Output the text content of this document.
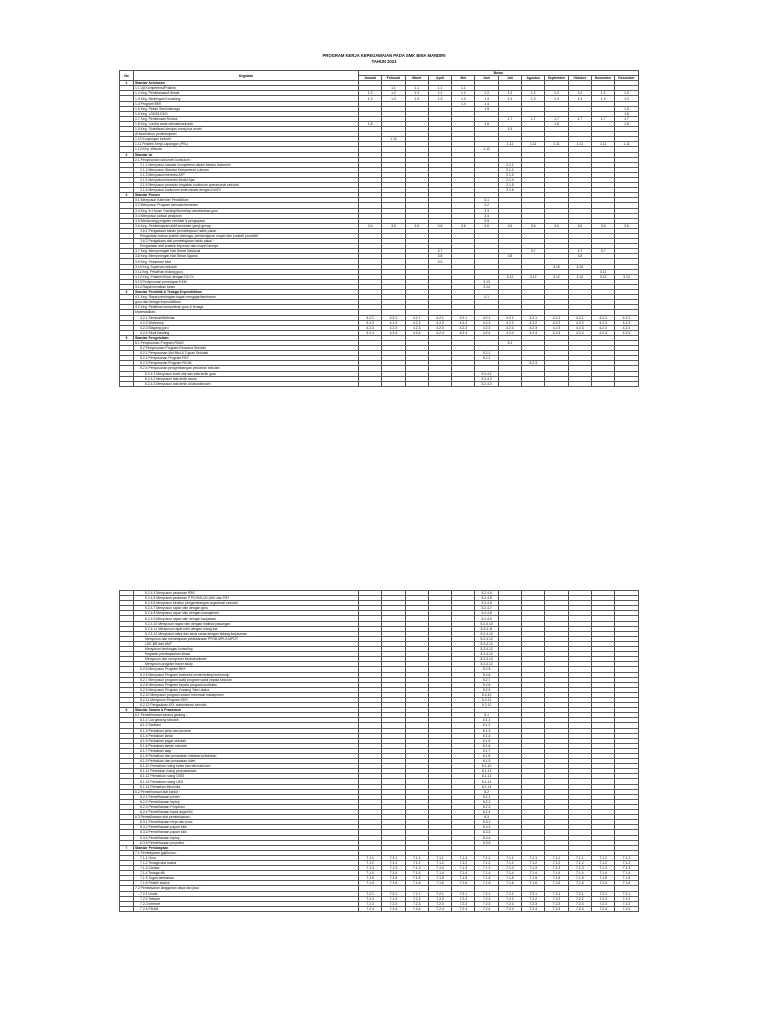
PROGRAM KERJA KEPEGAWAIAN PADA SMK BINA MANDIRI
TAHUN 2023
No	Kegiatan	Bulan											
		Januari	Februari	Maret	April	Mei	Juni	Juli	Agustus	September	Oktober	November	Desember
1	Standar Kelulusan												
	1.1 Uji Kompetensi/Praktek		1.1	1.1	1.1	1.1							
	1.2 Keg. Pembiasaan/Literasi	1.2	1.2	1.2	1.2	1.2	1.2	1.2	1.2	1.2	1.2	1.2	1.2
	1.3 Keg. Bimbingan Konseling	1.3	1.3	1.3	1.3	1.3	1.3	1.3	1.3	1.3	1.3	1.3	1.3
	1.4 Program BKK					1.4	1.4						
	1.5 Keg. Pekan Seni/olahraga						1.5						1.5
	1.6 Keg. LDKS/LDKO												1.6
	1.7 Keg. Pembinaan Rohani							1.7	1.7	1.7	1.7	1.7	1.7
	1.8 Keg. Lomba antar sekolah/sekolah	1.8					1.8			1.8			1.8
	1.9 Keg. Sosialisasi dengan orang tua murid							1.9					
	di awal tahun pembelajaran												
	1.10 Kunjungan Industri		1.10										
	1.11 Praktek Kerja Lapangan (PKL)							1.11	1.11	1.11	1.11	1.11	1.11
	1.12 Keg. Wisuda						1.12						
2	Standar Isi												
	2.1 Penyusunan dokumen kurikulum :												
	2.1.1 Menyusun standar kompetensi dalam bentuk dokumen							2.1.1					
	2.1.2 Menyusun Standar Kompetensi Lulusan							2.1.2					
	2.1.3 Menyusun/merevisi ATP							2.1.3					
	2.1.4 Menyusun/merevisi Modul Ajar							2.1.4					
	2.1.5 Menyusun prosedur kegiatan kurikulum operasional sekolah							2.1.5					
	2.1.6 Menyusun kurikulum sinkronisasi dengan DU/DI							2.1.6					
3	Standar Proses												
	3.1 Menyusun Kalender Pendidikan						3.1						
	3.2 Menyusun Program tahunan/semester						3.2						
	3.3 Keg. In House Training/Workshop administrasi guru						3.3						
	3.4 Menyusun jadwal pelajaran						3.4						
	3.5 Merancang program remidial & pengayaan						3.5						
	3.6 Keg. Pembelajaran aktif semester ganjil genap :	3.6	3.6	3.6	3.6	3.6	3.6	3.6	3.6	3.6	3.6	3.6	3.6
	3.6.1 Pengadaan bahan pembelajaran habis pakai :												
	Pengadaan bahan praktik olahraga, pembelajaran mapel dan praktek produktif												
	3.6.2 Pengadaan alat pembelajaran habis pakai :												
	Pengadaan alat praktek kejuruan dan mapel lainnya												
	3.7 Keg. Memperingati Hari Besar Nasional				3.7				3.7		3.7	3.7	
	3.8 Keg. Memperingati Hari Besar Agama				3.8			3.8			3.8		
	3.9 Keg. Pesantren kilat				3.9								
	3.10 Keg. Supervisi sekolah									3.10	3.10		
	3.11 Keg. Pelatihan bidang guru											3.11	
	3.12 Keg. Prakerin/MoU dengan DU DI							3.12	3.12	3.12	3.12	3.12	3.12
	3.13 Penyusunan penetapan KKM						3.13						
	3.14 Rapat kenaikan kelas						3.14						
4	Standar Pendidik & Tenaga Kependidikan												
	4.1 Keg. Rapat pembagian tugas mengajar/tambahan						4.1						
	guru dan tenaga kependidikan												
	4.2 Keg. Pelatihan kompetensi guru & tenaga												
	kependidikan :												
	4.2.1 Seminar/Webinar	4.2.1	4.2.1	4.2.1	4.2.1	4.2.1	4.2.1	4.2.1	4.2.1	4.2.1	4.2.1	4.2.1	4.2.1
	4.2.2 Workshop	4.2.2	4.2.2	4.2.2	4.2.2	4.2.2	4.2.2	4.2.2	4.2.2	4.2.2	4.2.2	4.2.2	4.2.2
	4.2.3 Magang guru	4.2.3	4.2.3	4.2.3	4.2.3	4.2.3	4.2.3	4.2.3	4.2.3	4.2.3	4.2.3	4.2.3	4.2.3
	4.2.4 Studi banding	4.2.4	4.2.4	4.2.4	4.2.4	4.2.4	4.2.4	4.2.4	4.2.4	4.2.4	4.2.4	4.2.4	4.2.4
5	Standar Pengelolaan												
	5.1 Penyusunan Program RKAS							5.1					
	5.2 Penyusunan Program Rencana Sekolah												
	5.2.1 Penyusunan Visi Misi & Tujuan Sekolah						5.2.1						
	5.2.2 Penyusunan Program RKT						5.2.2						
	5.2.3 Penyusunan Program RKJM								5.2.3				
	5.2.4 Penyusunan pengembangan pedoman sekolah												
	5.2.4.1 Menyusun kode etik dan tata tertib guru						5.2.4.1						
	5.2.4.2 Menyusun tata tertib siswa						5.2.4.2						
	5.2.4.3 Menyusun tata tertib di laboratorium						5.2.4.3						
	5.2.4.4 Menyusun pedoman PBS						5.2.4.4						
	5.2.4.5 Menyusun pedoman PTS,PAS,US,UKK dan PAT						5.2.4.5						
	5.2.4.6 Menyusun struktur pengembangan organisasi sekolah						5.2.4.6						
	5.2.4.7 Menyusun rapat rutin dengan guru						5.2.4.7						
	5.2.4.8 Menyusun rapat rutin dengan manajemen						5.2.4.8						
	5.2.4.9 Menyusun rapat rutin dengan karyawan						5.2.4.9						
	5.2.4.10 Menyusun rapat rutin dengan institusi pasangan						5.2.4.10						
	5.2.4.11 Menyusun rapat rutin dengan orang tua						5.2.4.11						
	5.2.4.12 Menyusun mitra dan kerja sama dengan bidang kerjasama :						5.2.4.12						
	Menyusun dan menetapkan pelaksanaan PPDB,MPLS,MPDT,						5.2.4.12						
	LDK-BR dan AMT						5.2.4.12						
	Menyusun bimbingan konseling						5.2.4.12						
	Kegiatan pendaqwahan siswa						5.2.4.12						
	Menyusun dan menyusun ekstrakurikuler						5.2.4.12						
	Menyusun program tracer study						5.2.4.12						
	5.2.5 Menyusun Program BKK						5.2.5						
	5.2.6 Menyusun Program business center/enterpreneurship						5.2.6						
	5.2.7 Menyusun program wakil program wakil kepala sekolah						5.2.7						
	5.2.8 Menyusun Program kepala program kurikulas						5.2.8						
	5.2.9 Menyusun Program Gudang Tata Usaha						5.2.9						
	5.2.10 Menyusun program sistem informasi manajemen						5.2.10						
	5.2.11 Menyusun Program SDS						5.2.11						
	5.2.12 Pengadaan ATK administrasi sekolah						5.2.12						
6	Standar Sarana & Prasarana												
	6.1 Pemeliharaan sarana gedung :						6.1						
	6.1.1 Cat gedung sekolah						6.1.1						
	6.1.2 Sanitasi						6.1.2						
	6.1.3 Perbaikan pintu dan jendela						6.1.3						
	6.1.4 Perbaikan lantai						6.1.4						
	6.1.5 Perbaikan pagar sekolah						6.1.5						
	6.1.6 Perbaikan taman sekolah						6.1.6						
	6.1.7 Perbaikan atap						6.1.7						
	6.1.8 Perbaikan dan perawatan instalasi kelistrikan						6.1.8						
	6.1.9 Perbaikan dan perawatan toilet						6.1.9						
	6.1.10 Perbaikan ruang kelas dan laboratorium						6.1.10						
	6.1.11 Perbaikan ruang perpustakaan						6.1.11						
	6.1.12 Perbaikan ruang OSIS						6.1.12						
	6.1.13 Perbaikan ruang UKS						6.1.13						
	6.1.14 Perbaikan Musholla						6.1.14						
	6.2 Pemeliharaan alat kantor :						6.2						
	6.2.1 Pemeliharaan printer						6.2.1						
	6.2.2 Pemeliharaan laptop						6.2.2						
	6.2.3 Pemeliharaan Proyektor						6.2.3						
	6.2.4 Pemeliharaan kipas angin/AC						6.2.4						
	6.3 Pemeliharaan alat pembelajaran :						6.3						
	6.3.1 Pemeliharaan meja dan kursi						6.3.1						
	6.3.2 Pemeliharaan papan tulis						6.3.2						
	6.3.3 Pemeliharaan papan tulis						6.3.3						
	6.3.4 Pemeliharaan laptop						6.3.4						
	6.3.5 Pemeliharaan proyektor						6.3.5						
7	Standar Pembiayaan												
	7.1 Pembayaran gaji/honor :												
	7.1.1 Guru	7.1.1	7.1.1	7.1.1	7.1.1	7.1.1	7.1.1	7.1.1	7.1.1	7.1.1	7.1.1	7.1.1	7.1.1
	7.1.2 Tenaga tata usaha	7.1.2	7.1.2	7.1.2	7.1.2	7.1.2	7.1.2	7.1.2	7.1.2	7.1.2	7.1.2	7.1.2	7.1.2
	7.1.3 Caraka	7.1.3	7.1.3	7.1.3	7.1.3	7.1.3	7.1.3	7.1.3	7.1.3	7.1.3	7.1.3	7.1.3	7.1.3
	7.1.4 Tenaga dik	7.1.4	7.1.4	7.1.4	7.1.4	7.1.4	7.1.4	7.1.4	7.1.4	7.1.4	7.1.4	7.1.4	7.1.4
	7.1.5 Tugas tambahan	7.1.5	7.1.5	7.1.5	7.1.5	7.1.5	7.1.5	7.1.5	7.1.5	7.1.5	7.1.5	7.1.5	7.1.5
	7.1.6 Pelatih ekskul	7.1.6	7.1.6	7.1.6	7.1.6	7.1.6	7.1.6	7.1.6	7.1.6	7.1.6	7.1.6	7.1.6	7.1.6
	7.2 Pembayaran langganan daya dan jasa :												
	7.2.1 Listrik	7.2.1	7.2.1	7.2.1	7.2.1	7.2.1	7.2.1	7.2.1	7.2.1	7.2.1	7.2.1	7.2.1	7.2.1
	7.2.2 Telepon	7.2.2	7.2.2	7.2.2	7.2.2	7.2.2	7.2.2	7.2.2	7.2.2	7.2.2	7.2.2	7.2.2	7.2.2
	7.2.3 Internet	7.2.3	7.2.3	7.2.3	7.2.3	7.2.3	7.2.3	7.2.3	7.2.3	7.2.3	7.2.3	7.2.3	7.2.3
	7.2.4 PDAM	7.2.4	7.2.4	7.2.4	7.2.4	7.2.4	7.2.4	7.2.4	7.2.4	7.2.4	7.2.4	7.2.4	7.2.4
